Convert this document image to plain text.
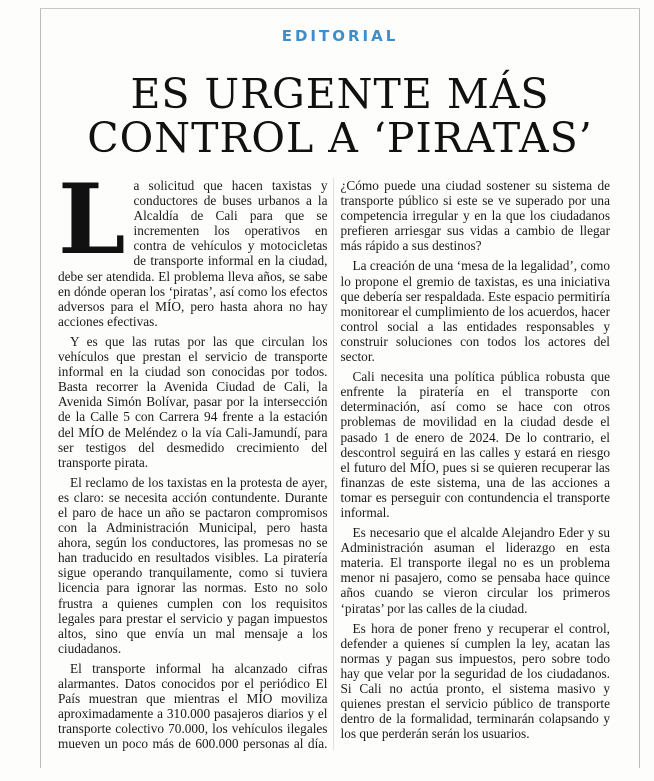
EDITORIAL
ES URGENTE MÁS CONTROL A ‘PIRATAS’

La solicitud que hacen taxistas y conductores de buses urbanos a la Alcaldía de Cali para que se incrementen los operativos en contra de vehículos y motocicletas de transporte informal en la ciudad, debe ser atendida. El problema lleva años, se sabe en dónde operan los ‘piratas’, así como los efectos adversos para el MÍO, pero hasta ahora no hay acciones efectivas.

Y es que las rutas por las que circulan los vehículos que prestan el servicio de transporte informal en la ciudad son conocidas por todos. Basta recorrer la Avenida Ciudad de Cali, la Avenida Simón Bolívar, pasar por la intersección de la Calle 5 con Carrera 94 frente a la estación del MÍO de Meléndez o la vía Cali-Jamundí, para ser testigos del desmedido crecimiento del transporte pirata.

El reclamo de los taxistas en la protesta de ayer, es claro: se necesita acción contundente. Durante el paro de hace un año se pactaron compromisos con la Administración Municipal, pero hasta ahora, según los conductores, las promesas no se han traducido en resultados visibles. La piratería sigue operando tranquilamente, como si tuviera licencia para ignorar las normas. Esto no solo frustra a quienes cumplen con los requisitos legales para prestar el servicio y pagan impuestos altos, sino que envía un mal mensaje a los ciudadanos.

El transporte informal ha alcanzado cifras alarmantes. Datos conocidos por el periódico El País muestran que mientras el MÍO moviliza aproximadamente a 310.000 pasajeros diarios y el transporte colectivo 70.000, los vehículos ilegales mueven un poco más de 600.000 personas al día. ¿Cómo puede una ciudad sostener su sistema de transporte público si este se ve superado por una competencia irregular y en la que los ciudadanos prefieren arriesgar sus vidas a cambio de llegar más rápido a sus destinos?

La creación de una ‘mesa de la legalidad’, como lo propone el gremio de taxistas, es una iniciativa que debería ser respaldada. Este espacio permitiría monitorear el cumplimiento de los acuerdos, hacer control social a las entidades responsables y construir soluciones con todos los actores del sector.

Cali necesita una política pública robusta que enfrente la piratería en el transporte con determinación, así como se hace con otros problemas de movilidad en la ciudad desde el pasado 1 de enero de 2024. De lo contrario, el descontrol seguirá en las calles y estará en riesgo el futuro del MÍO, pues si se quieren recuperar las finanzas de este sistema, una de las acciones a tomar es perseguir con contundencia el transporte informal.

Es necesario que el alcalde Alejandro Eder y su Administración asuman el liderazgo en esta materia. El transporte ilegal no es un problema menor ni pasajero, como se pensaba hace quince años cuando se vieron circular los primeros ‘piratas’ por las calles de la ciudad.

Es hora de poner freno y recuperar el control, defender a quienes sí cumplen la ley, acatan las normas y pagan sus impuestos, pero sobre todo hay que velar por la seguridad de los ciudadanos. Si Cali no actúa pronto, el sistema masivo y quienes prestan el servicio público de transporte dentro de la formalidad, terminarán colapsando y los que perderán serán los usuarios.
